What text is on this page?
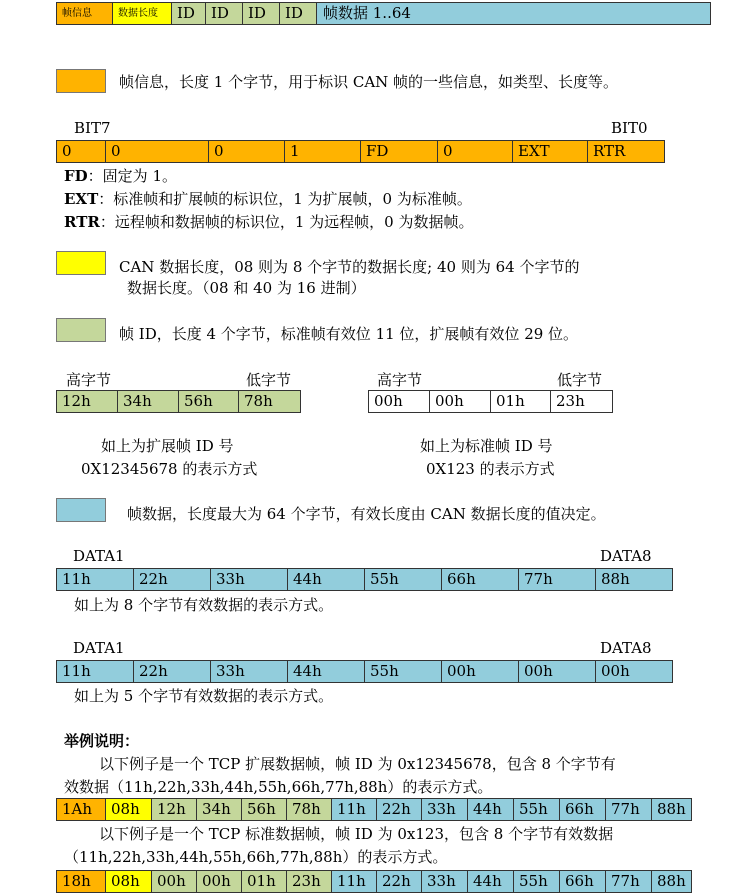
帧信息	数据长度	ID	ID	ID	ID	帧数据 1..64
帧信息，长度 1 个字节，用于标识 CAN 帧的一些信息，如类型、长度等。
BIT7	BIT0
0	0	0	1	FD	0	EXT	RTR
FD：固定为 1。
EXT：标准帧和扩展帧的标识位，1 为扩展帧，0 为标准帧。
RTR：远程帧和数据帧的标识位，1 为远程帧，0 为数据帧。
CAN 数据长度，08 则为 8 个字节的数据长度; 40 则为 64 个字节的
数据长度。（08 和 40 为 16 进制）
帧 ID，长度 4 个字节，标准帧有效位 11 位，扩展帧有效位 29 位。
高字节	低字节
12h	34h	56h	78h
如上为扩展帧 ID 号
0X12345678 的表示方式
高字节	低字节
00h	00h	01h	23h
如上为标准帧 ID 号
0X123 的表示方式
帧数据，长度最大为 64 个字节，有效长度由 CAN 数据长度的值决定。
DATA1	DATA8
11h	22h	33h	44h	55h	66h	77h	88h
如上为 8 个字节有效数据的表示方式。
DATA1	DATA8
11h	22h	33h	44h	55h	00h	00h	00h
如上为 5 个字节有效数据的表示方式。
举例说明：
以下例子是一个 TCP 扩展数据帧，帧 ID 为 0x12345678，包含 8 个字节有
效数据（11h,22h,33h,44h,55h,66h,77h,88h）的表示方式。
1Ah	08h	12h	34h	56h	78h	11h	22h	33h	44h	55h	66h	77h	88h
以下例子是一个 TCP 标准数据帧，帧 ID 为 0x123，包含 8 个字节有效数据
（11h,22h,33h,44h,55h,66h,77h,88h）的表示方式。
18h	08h	00h	00h	01h	23h	11h	22h	33h	44h	55h	66h	77h	88h
